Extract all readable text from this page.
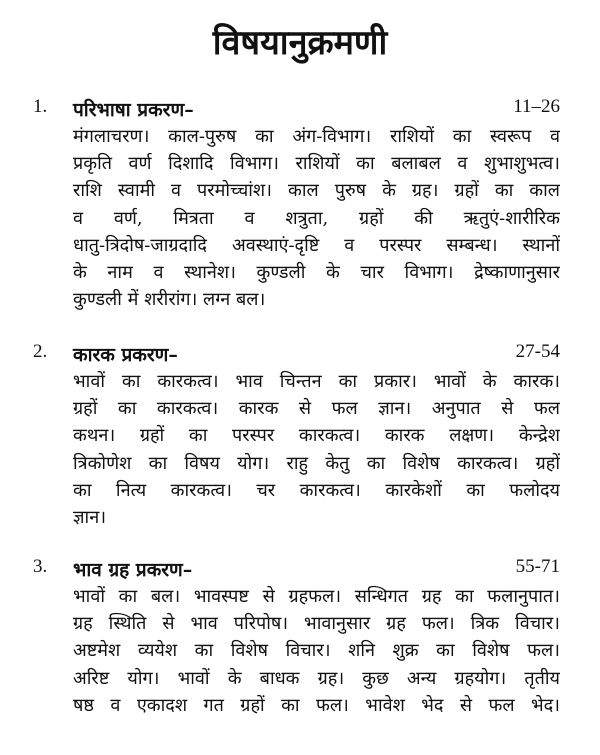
विषयानुक्रमणी
1. परिभाषा प्रकरण–	11–26
मंगलाचरण। काल-पुरुष का अंग-विभाग। राशियों का स्वरूप व
प्रकृति वर्ण दिशादि विभाग। राशियों का बलाबल व शुभाशुभत्व।
राशि स्वामी व परमोच्चांश। काल पुरुष के ग्रह। ग्रहों का काल
व वर्ण, मित्रता व शत्रुता, ग्रहों की ऋतुएं-शारीरिक
धातु-त्रिदोष-जाग्रदादि अवस्थाएं-दृष्टि व परस्पर सम्बन्ध। स्थानों
के नाम व स्थानेश। कुण्डली के चार विभाग। द्रेष्काणानुसार
कुण्डली में शरीरांग। लग्न बल।
2. कारक प्रकरण–	27-54
भावों का कारकत्व। भाव चिन्तन का प्रकार। भावों के कारक।
ग्रहों का कारकत्व। कारक से फल ज्ञान। अनुपात से फल
कथन। ग्रहों का परस्पर कारकत्व। कारक लक्षण। केन्द्रेश
त्रिकोणेश का विषय योग। राहु केतु का विशेष कारकत्व। ग्रहों
का नित्य कारकत्व। चर कारकत्व। कारकेशों का फलोदय
ज्ञान।
3. भाव ग्रह प्रकरण–	55-71
भावों का बल। भावस्पष्ट से ग्रहफल। सन्धिगत ग्रह का फलानुपात।
ग्रह स्थिति से भाव परिपोष। भावानुसार ग्रह फल। त्रिक विचार।
अष्टमेश व्ययेश का विशेष विचार। शनि शुक्र का विशेष फल।
अरिष्ट योग। भावों के बाधक ग्रह। कुछ अन्य ग्रहयोग। तृतीय
षष्ठ व एकादश गत ग्रहों का फल। भावेश भेद से फल भेद।
